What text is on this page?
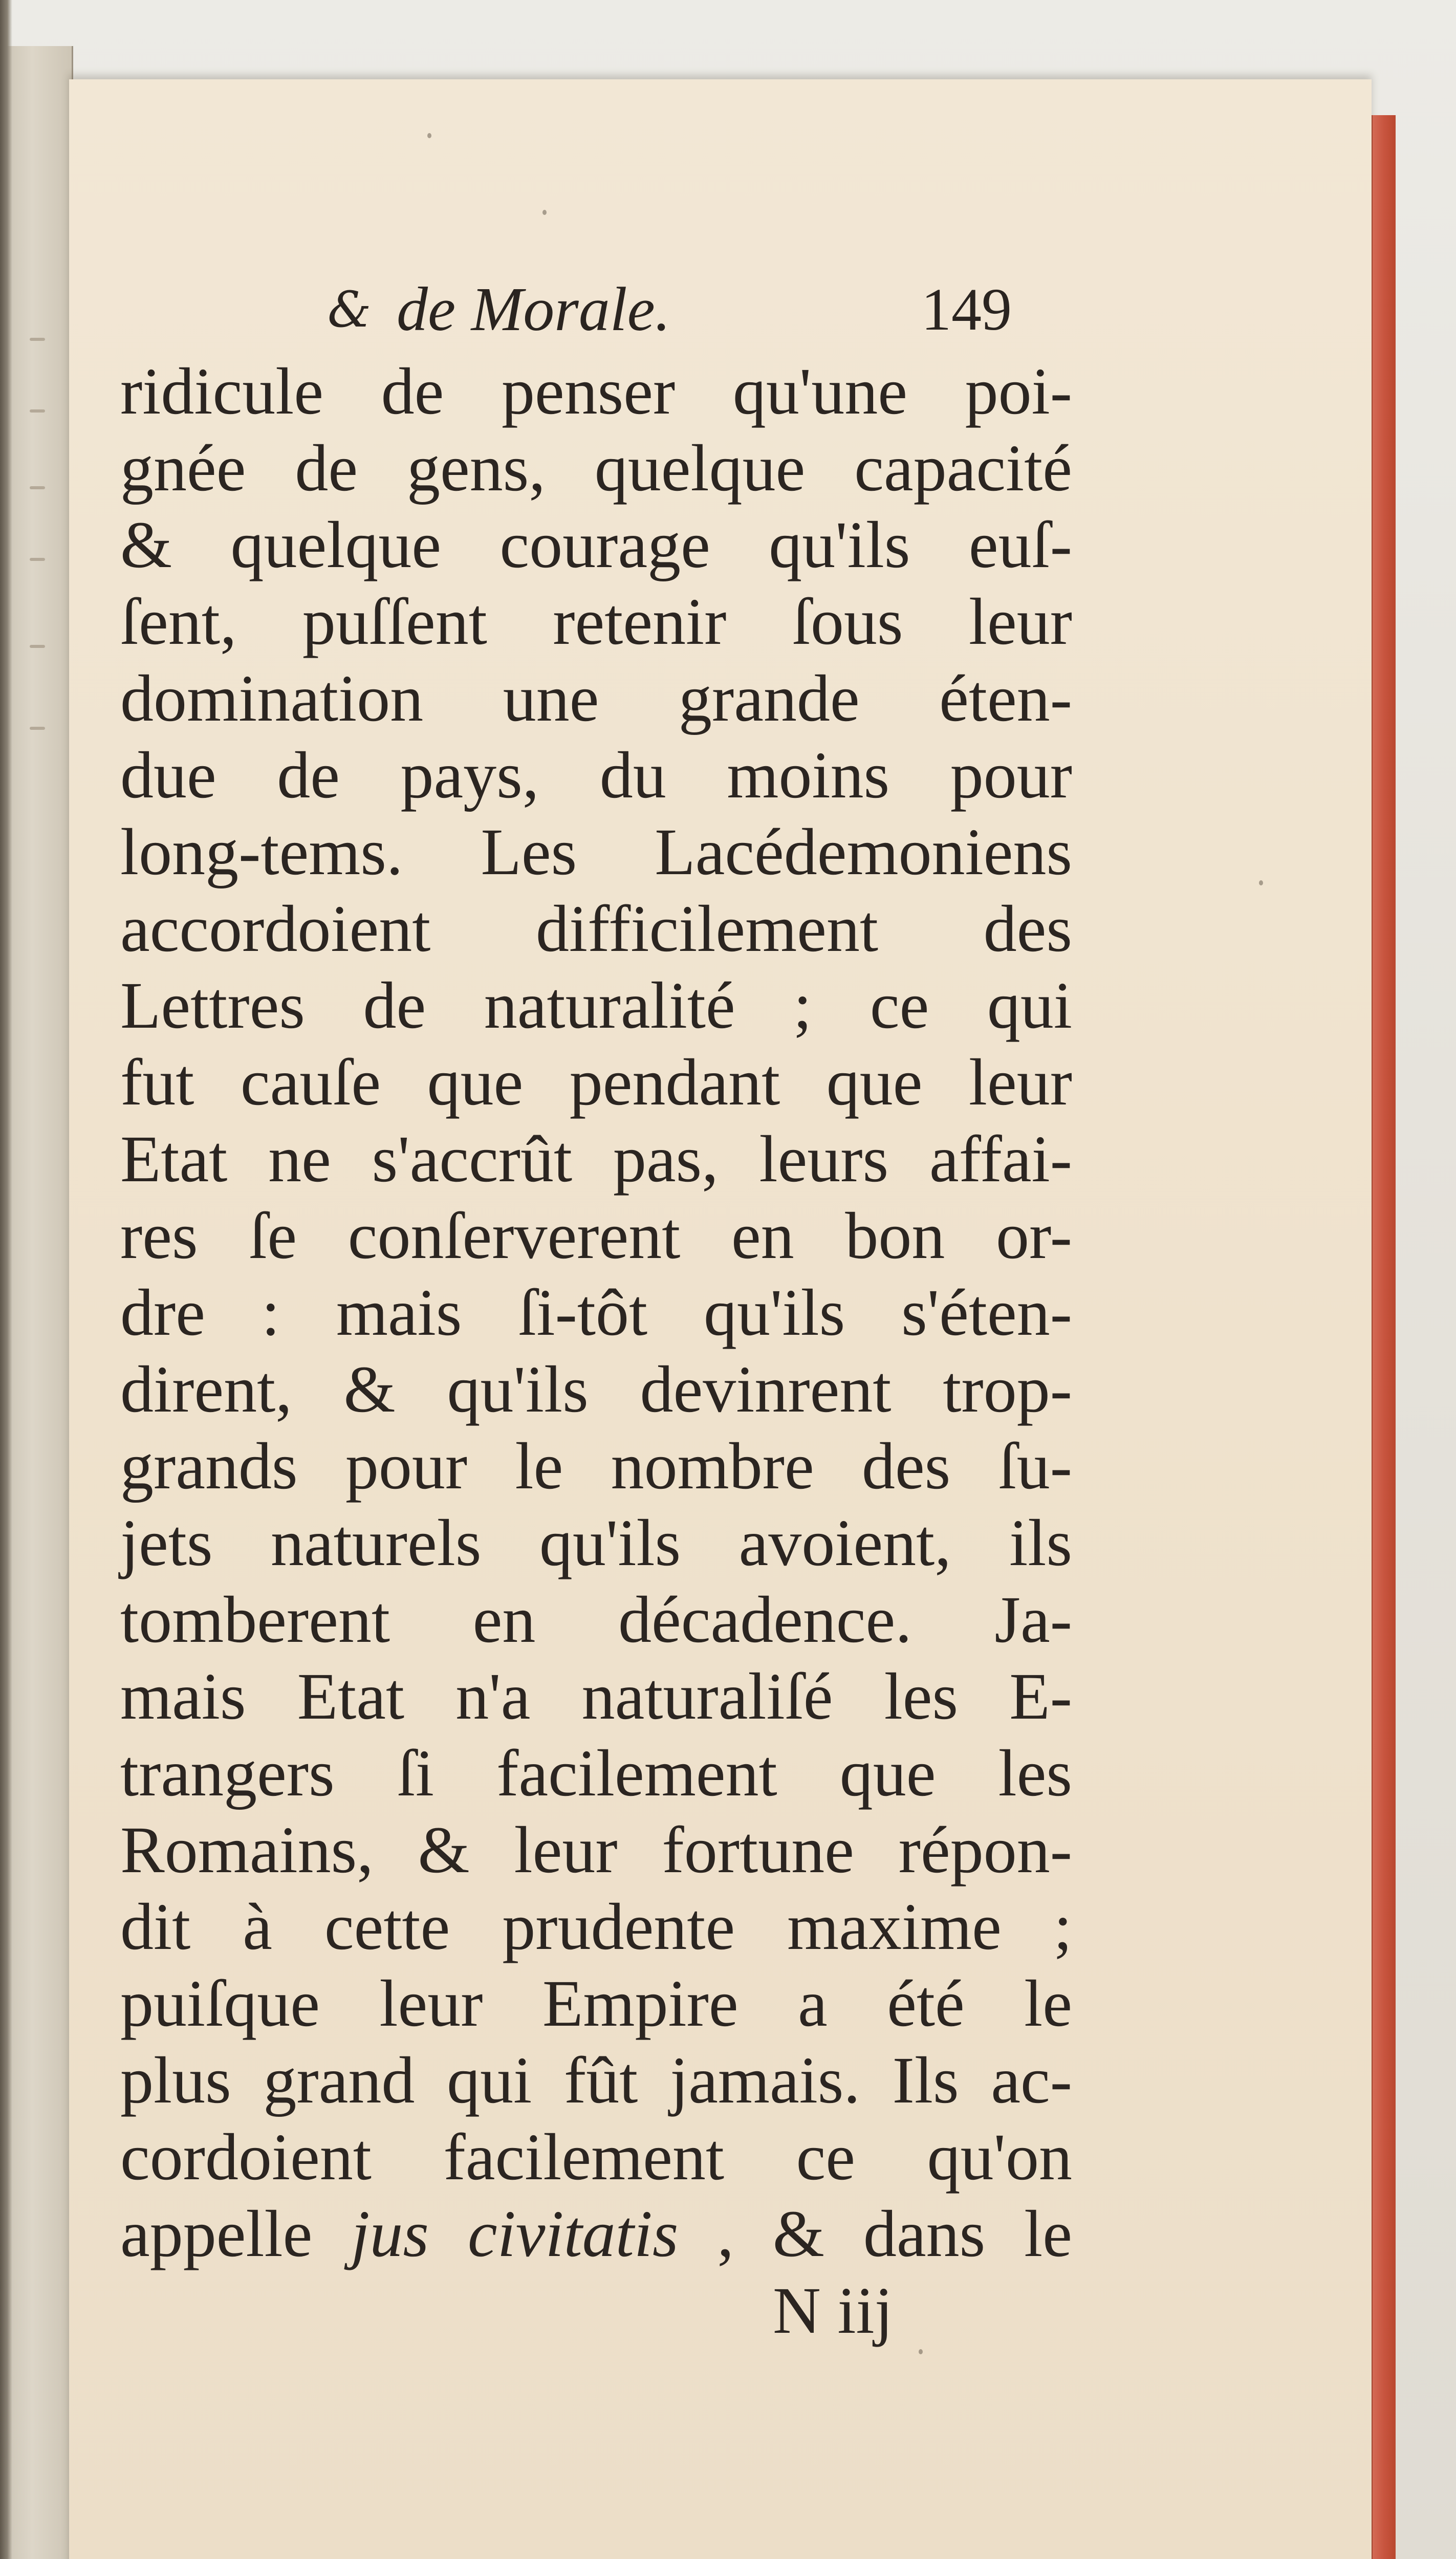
& de Morale.	149
ridicule de penser qu'une poi-
gnée de gens, quelque capacité
& quelque courage qu'ils euſ-
ſent, puſſent retenir ſous leur
domination une grande éten-
due de pays, du moins pour
long-tems. Les Lacédemoniens
accordoient difficilement des
Lettres de naturalité ; ce qui
fut cauſe que pendant que leur
Etat ne s'accrût pas, leurs affai-
res ſe conſerverent en bon or-
dre : mais ſi-tôt qu'ils s'éten-
dirent, & qu'ils devinrent trop-
grands pour le nombre des ſu-
jets naturels qu'ils avoient, ils
tomberent en décadence. Ja-
mais Etat n'a naturaliſé les E-
trangers ſi facilement que les
Romains, & leur fortune répon-
dit à cette prudente maxime ;
puiſque leur Empire a été le
plus grand qui fût jamais. Ils ac-
cordoient facilement ce qu'on
appelle jus civitatis , & dans le
N iij
